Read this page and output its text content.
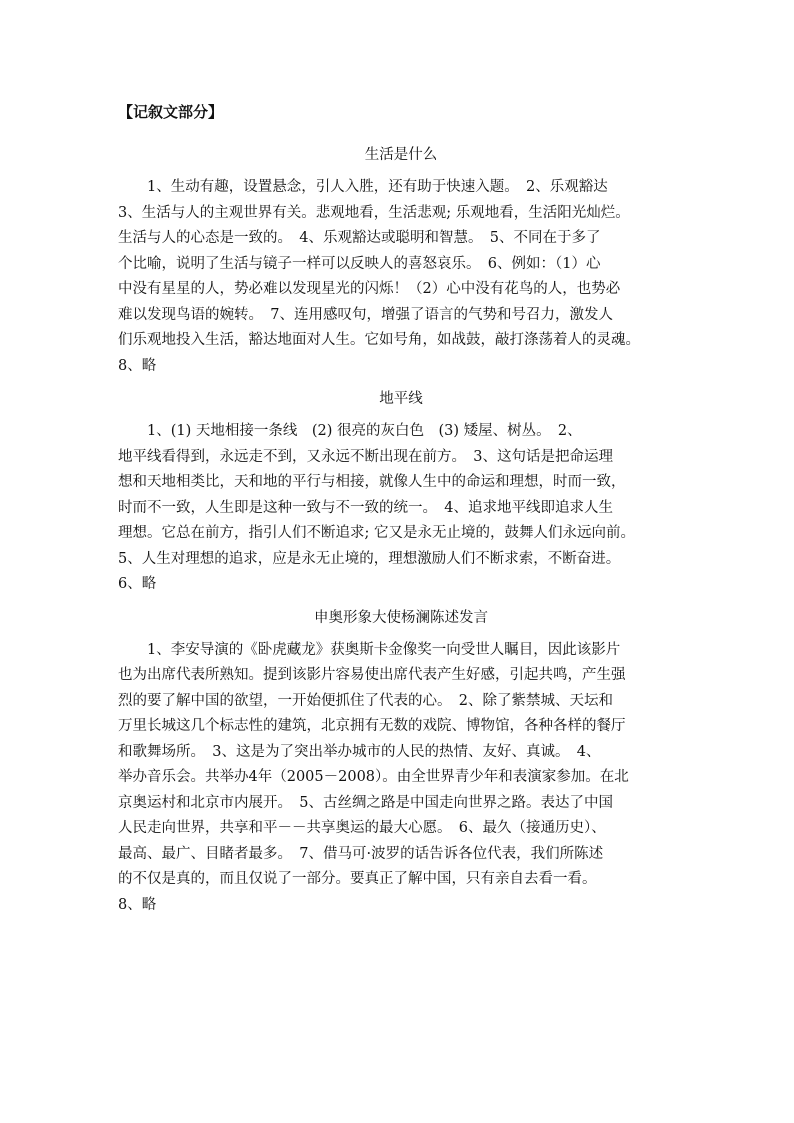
【记叙文部分】
生活是什么
1、生动有趣，设置悬念，引人入胜，还有助于快速入题。　2、乐观豁达
3、生活与人的主观世界有关。悲观地看，生活悲观; 乐观地看，生活阳光灿烂。
生活与人的心态是一致的。　4、乐观豁达或聪明和智慧。　5、不同在于多了
个比喻，说明了生活与镜子一样可以反映人的喜怒哀乐。　6、例如：（1）心
中没有星星的人，势必难以发现星光的闪烁！（2）心中没有花鸟的人，也势必
难以发现鸟语的婉转。　7、连用感叹句，增强了语言的气势和号召力，激发人
们乐观地投入生活，豁达地面对人生。它如号角，如战鼓，敲打涤荡着人的灵魂。
8、略
地平线
1、(1) 天地相接一条线　(2) 很亮的灰白色　(3) 矮屋、树丛。　2、
地平线看得到，永远走不到，又永远不断出现在前方。　3、这句话是把命运理
想和天地相类比，天和地的平行与相接，就像人生中的命运和理想，时而一致，
时而不一致，人生即是这种一致与不一致的统一。　4、追求地平线即追求人生
理想。它总在前方，指引人们不断追求; 它又是永无止境的，鼓舞人们永远向前。
5、人生对理想的追求，应是永无止境的，理想激励人们不断求索，不断奋进。
6、略
申奥形象大使杨澜陈述发言
1、李安导演的《卧虎藏龙》获奥斯卡金像奖一向受世人瞩目，因此该影片
也为出席代表所熟知。提到该影片容易使出席代表产生好感，引起共鸣，产生强
烈的要了解中国的欲望，一开始便抓住了代表的心。　2、除了紫禁城、天坛和
万里长城这几个标志性的建筑，北京拥有无数的戏院、博物馆，各种各样的餐厅
和歌舞场所。　3、这是为了突出举办城市的人民的热情、友好、真诚。　4、
举办音乐会。共举办4年（2005－2008）。由全世界青少年和表演家参加。在北
京奥运村和北京市内展开。　5、古丝绸之路是中国走向世界之路。表达了中国
人民走向世界，共享和平－－共享奥运的最大心愿。　6、最久（接通历史）、
最高、最广、目睹者最多。　7、借马可·波罗的话告诉各位代表，我们所陈述
的不仅是真的，而且仅说了一部分。要真正了解中国，只有亲自去看一看。
8、略
